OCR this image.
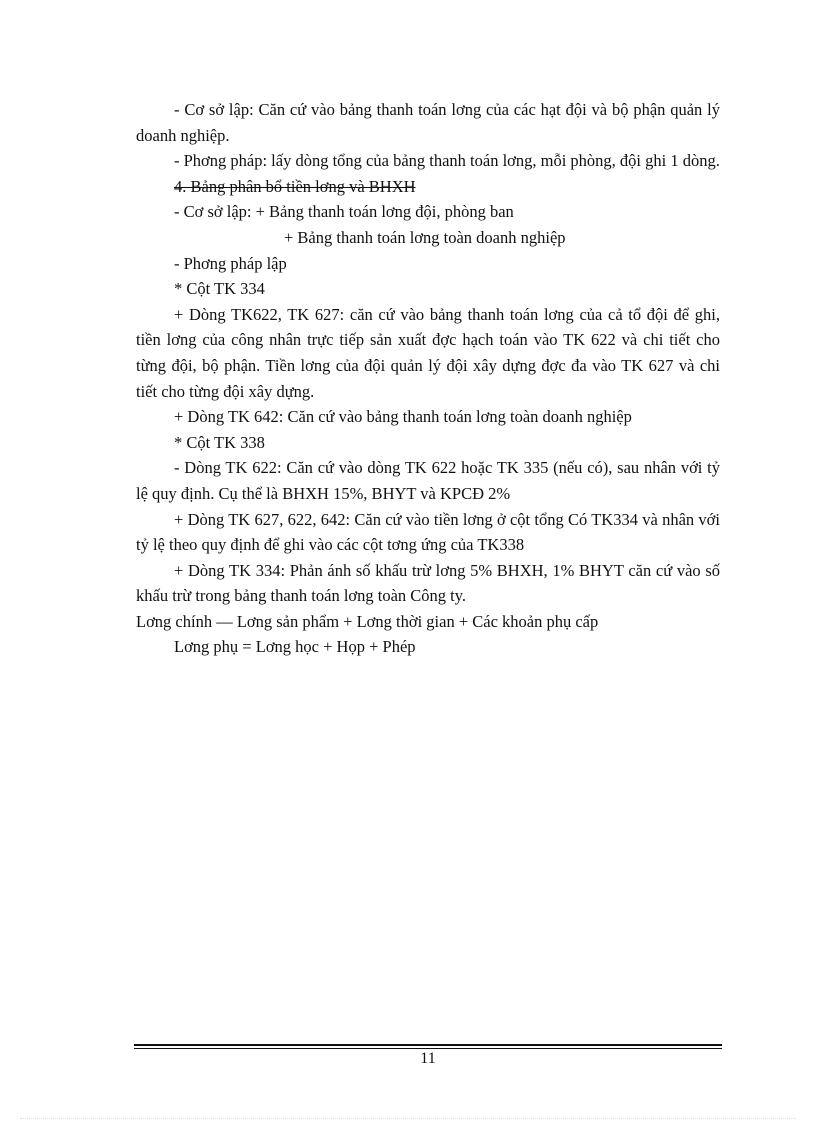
- Cơ sở lập: Căn cứ vào bảng thanh toán lơng của các hạt đội và bộ phận quản lý doanh nghiệp.

- Phơng pháp: lấy dòng tổng của bảng thanh toán lơng, mỗi phòng, đội ghi 1 dòng.

4. Bảng phân bổ tiền lơng và BHXH

- Cơ sở lập: + Bảng thanh toán lơng đội, phòng ban

+ Bảng thanh toán lơng toàn doanh nghiệp

- Phơng pháp lập

* Cột TK 334

+ Dòng TK622, TK 627: căn cứ vào bảng thanh toán lơng của cả tổ đội để ghi, tiền lơng của công nhân trực tiếp sản xuất đợc hạch toán vào TK 622 và chi tiết cho từng đội, bộ phận. Tiền lơng của đội quản lý đội xây dựng đợc đa vào TK 627 và chi tiết cho từng đội xây dựng.

+ Dòng TK 642: Căn cứ vào bảng thanh toán lơng toàn doanh nghiệp

* Cột TK 338

- Dòng TK 622: Căn cứ vào dòng TK 622 hoặc TK 335 (nếu có), sau nhân với tỷ lệ quy định. Cụ thể là BHXH 15%, BHYT và KPCĐ 2%

+ Dòng TK 627, 622, 642: Căn cứ vào tiền lơng ở cột tổng Có TK334 và nhân với tỷ lệ theo quy định để ghi vào các cột tơng ứng của TK338

+ Dòng TK 334: Phản ánh số khấu trừ lơng 5% BHXH, 1% BHYT căn cứ vào số khấu trừ trong bảng thanh toán lơng toàn Công ty.

Lơng chính — Lơng sản phẩm + Lơng thời gian + Các khoản phụ cấp

Lơng phụ = Lơng học + Họp + Phép

11
